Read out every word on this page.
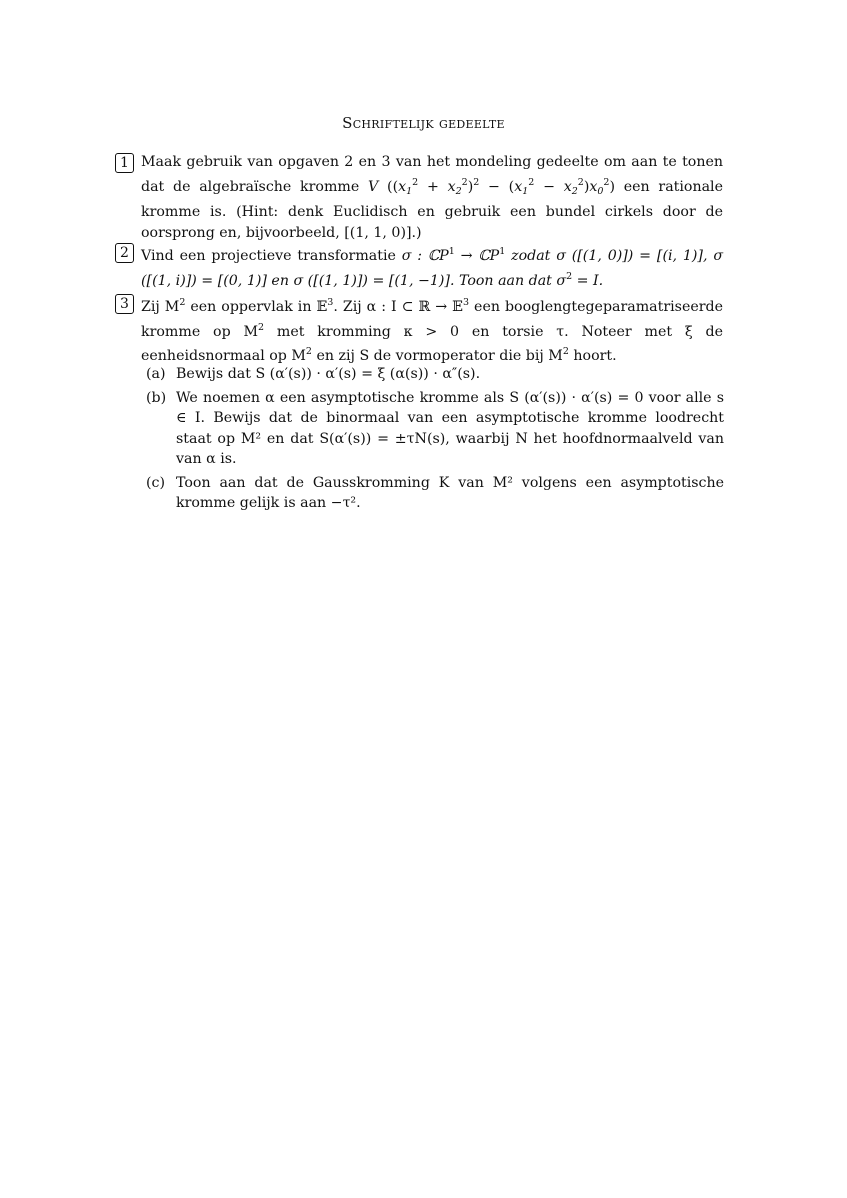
Schriftelijk gedeelte
1 Maak gebruik van opgaven 2 en 3 van het mondeling gedeelte om aan te tonen dat de algebraïsche kromme V $((x_1^2 + x_2^2)^2 - (x_1^2 - x_2^2)x_0^2)$ een rationale kromme is. (Hint: denk Euclidisch en gebruik een bundel cirkels door de oorsprong en, bijvoorbeeld, [(1, 1, 0)].)
2 Vind een projectieve transformatie σ : ℂP$^1$ → ℂP$^1$ zodat σ ([(1, 0)]) = [(i, 1)], σ ([(1, i)]) = [(0, 1)] en σ ([(1, 1)]) = [(1, −1)]. Toon aan dat $\sigma^2 = I$.
3 Zij $M^2$ een oppervlak in 𝔼$^3$. Zij α : I ⊂ ℝ → 𝔼$^3$ een booglengtegeparamatriseerde kromme op $M^2$ met kromming κ > 0 en torsie τ. Noteer met ξ de eenheidsnormaal op $M^2$ en zij S de vormoperator die bij $M^2$ hoort.
(a) Bewijs dat S (α′(s)) · α′(s) = ξ (α(s)) · α″(s).
(b) We noemen α een asymptotische kromme als S (α′(s)) · α′(s) = 0 voor alle s ∈ I. Bewijs dat de binormaal van een asymptotische kromme loodrecht staat op M² en dat S(α′(s)) = ±τN(s), waarbij N het hoofdnormaalveld van van α is.
(c) Toon aan dat de Gausskromming K van M² volgens een asymptotische kromme gelijk is aan −τ².
